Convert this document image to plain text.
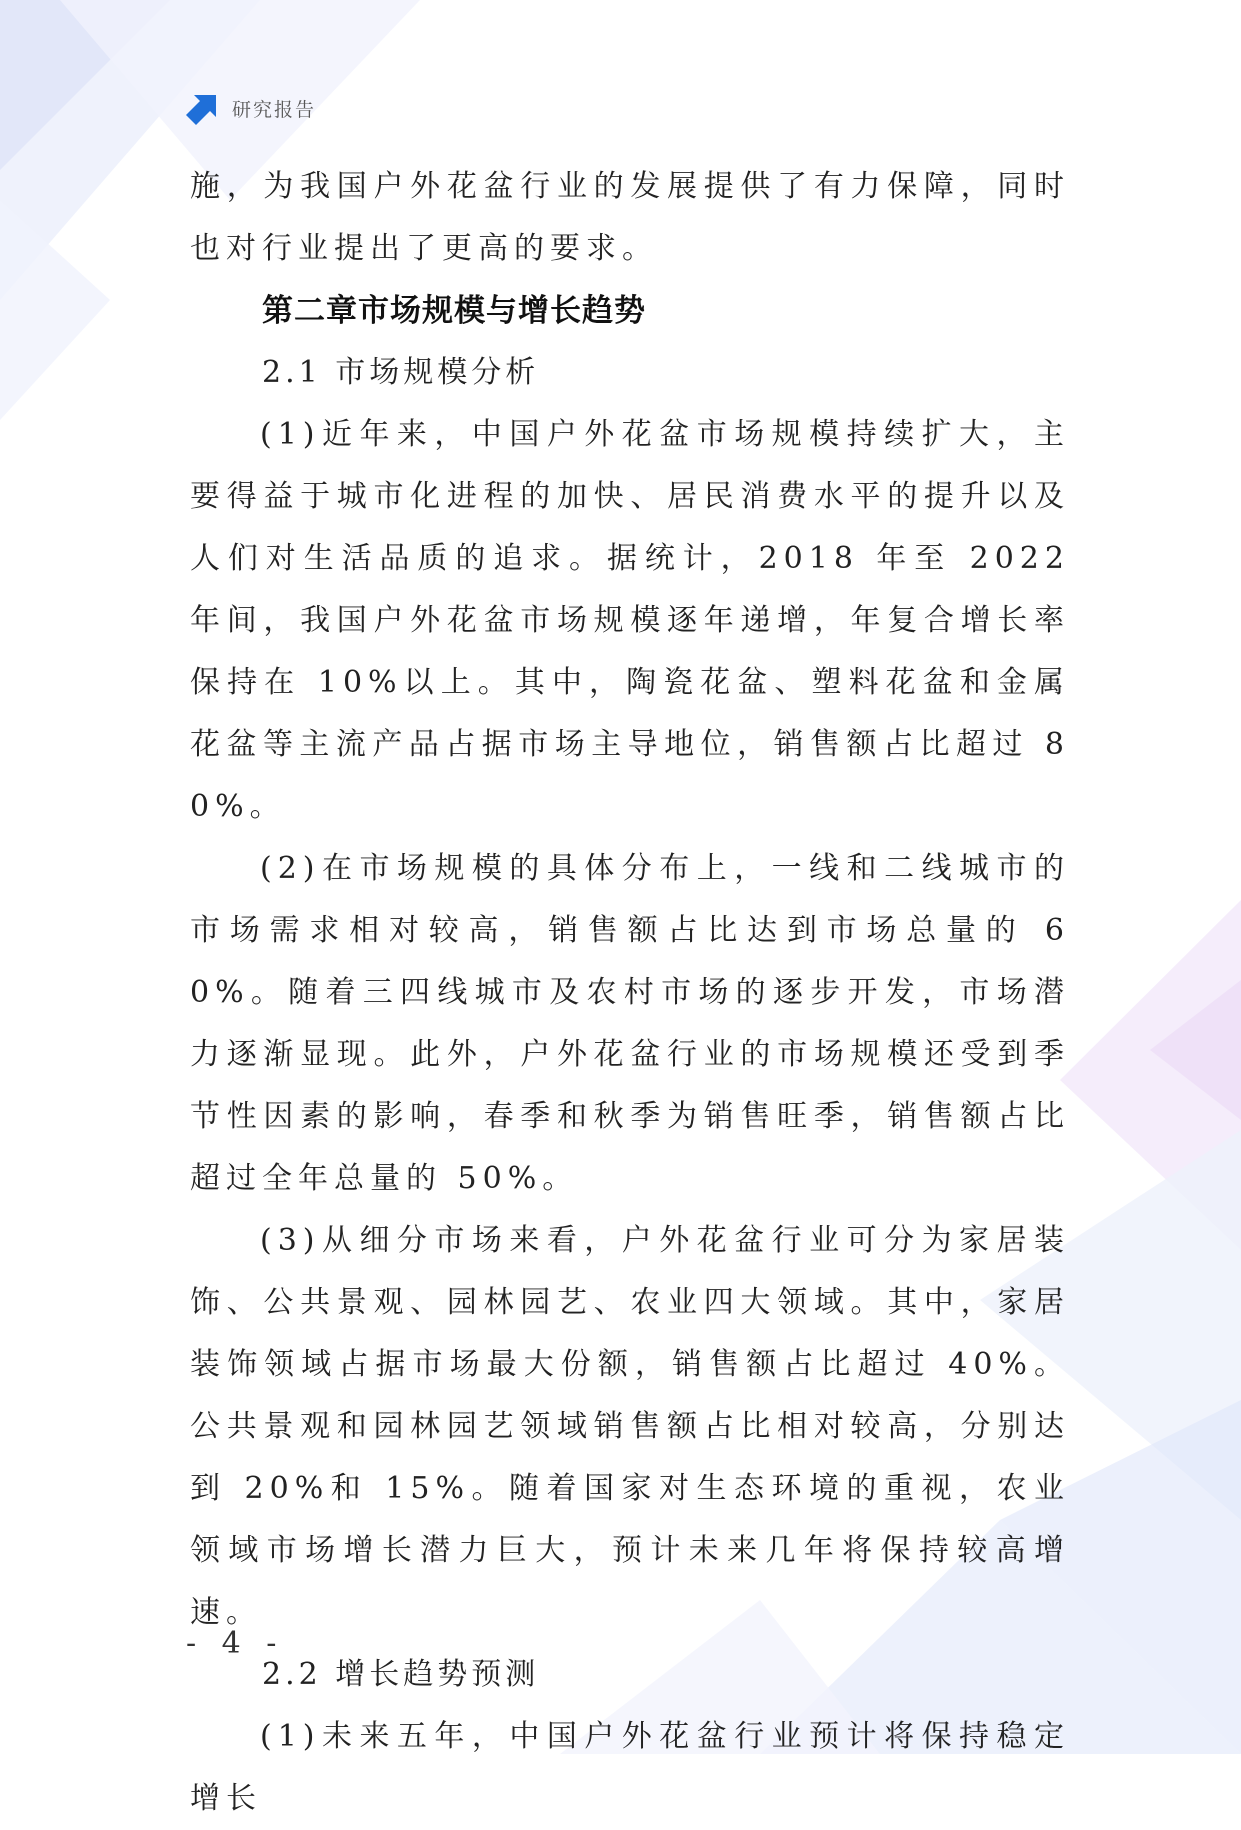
研究报告

施，为我国户外花盆行业的发展提供了有力保障，同时也对行业提出了更高的要求。

第二章市场规模与增长趋势
2.1 市场规模分析

(1)近年来，中国户外花盆市场规模持续扩大，主要得益于城市化进程的加快、居民消费水平的提升以及人们对生活品质的追求。据统计，2018 年至 2022 年间，我国户外花盆市场规模逐年递增，年复合增长率保持在 10%以上。其中，陶瓷花盆、塑料花盆和金属花盆等主流产品占据市场主导地位，销售额占比超过 80%。

(2)在市场规模的具体分布上，一线和二线城市的市场需求相对较高，销售额占比达到市场总量的 60%。随着三四线城市及农村市场的逐步开发，市场潜力逐渐显现。此外，户外花盆行业的市场规模还受到季节性因素的影响，春季和秋季为销售旺季，销售额占比超过全年总量的 50%。

(3)从细分市场来看，户外花盆行业可分为家居装饰、公共景观、园林园艺、农业四大领域。其中，家居装饰领域占据市场最大份额，销售额占比超过 40%。公共景观和园林园艺领域销售额占比相对较高，分别达到 20%和 15%。随着国家对生态环境的重视，农业领域市场增长潜力巨大，预计未来几年将保持较高增速。

2.2 增长趋势预测

(1)未来五年，中国户外花盆行业预计将保持稳定增长

- 4 -
